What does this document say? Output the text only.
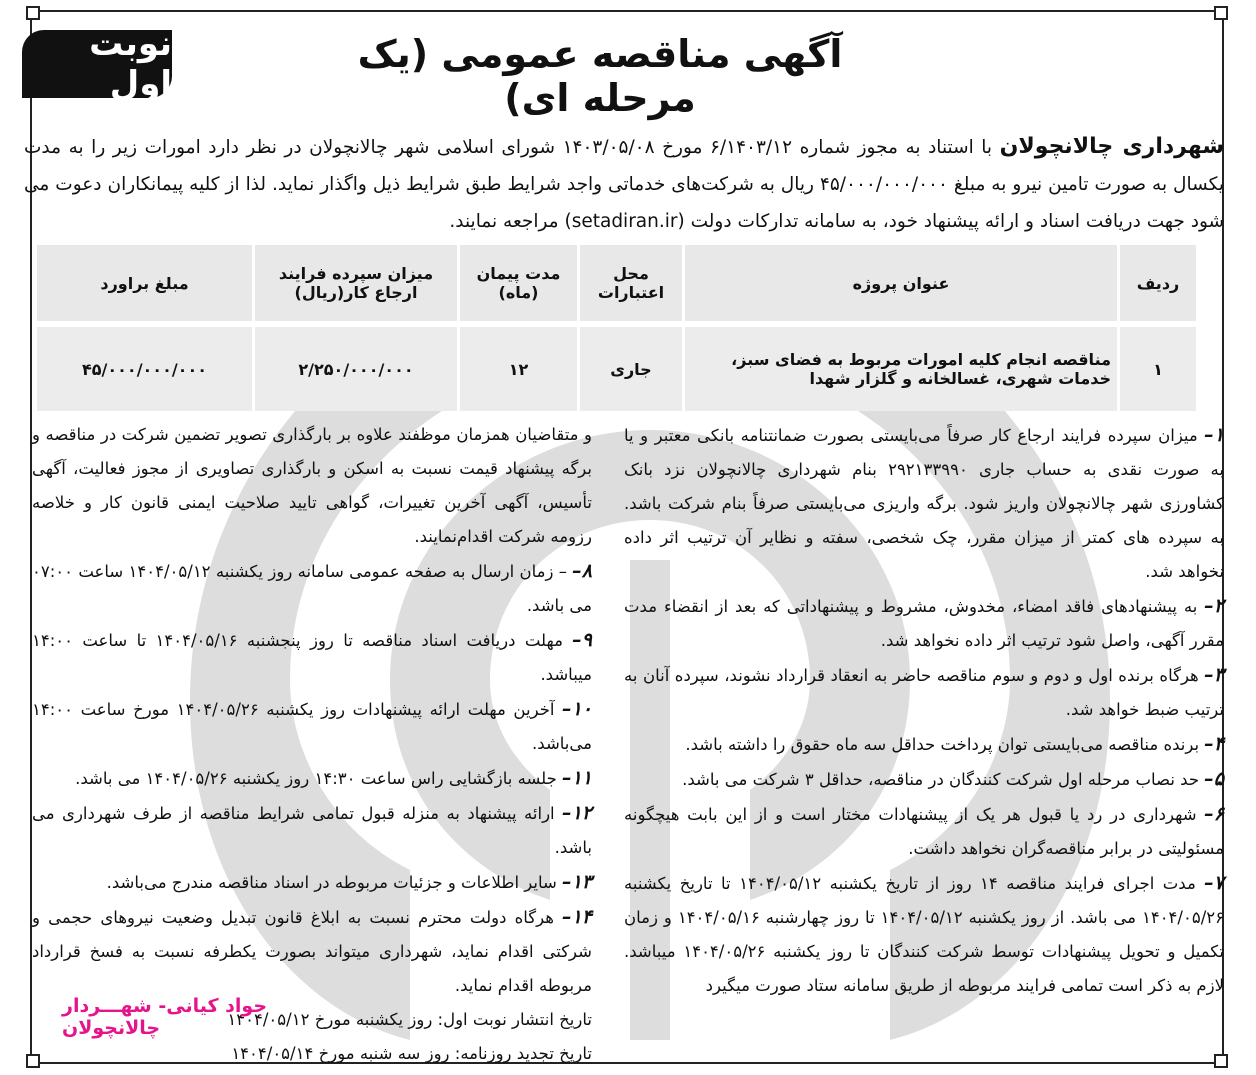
نوبت اول
آگهی مناقصه عمومی (یک مرحله ای)
شهرداری چالانچولان با استناد به مجوز شماره ۶/۱۴۰۳/۱۲ مورخ ۱۴۰۳/۰۵/۰۸ شورای اسلامی شهر چالانچولان در نظر دارد امورات زیر را به مدت یکسال به صورت تامین نیرو به مبلغ ۴۵/۰۰۰/۰۰۰/۰۰۰ ریال به شرکت‌های خدماتی واجد شرایط طبق شرایط ذیل واگذار نماید. لذا از کلیه پیمانکاران دعوت می شود جهت دریافت اسناد و ارائه پیشنهاد خود، به سامانه تدارکات دولت (setadiran.ir) مراجعه نمایند.
ردیف	عنوان پروژه	محل اعتبارات	مدت پیمان (ماه)	میزان سپرده فرایند ارجاع کار(ریال)	مبلغ براورد
۱	مناقصه انجام کلیه امورات مربوط به فضای سبز، خدمات شهری، غسالخانه و گلزار شهدا	جاری	۱۲	۲/۲۵۰/۰۰۰/۰۰۰	۴۵/۰۰۰/۰۰۰/۰۰۰

۱– میزان سپرده فرایند ارجاع کار صرفاً می‌بایستی بصورت ضمانتنامه بانکی معتبر و یا به صورت نقدی به حساب جاری ۲۹۲۱۳۳۹۹۰ بنام شهرداری چالانچولان نزد بانک کشاورزی شهر چالانچولان واریز شود. برگه واریزی می‌بایستی صرفاً بنام شرکت باشد. به سپرده های کمتر از میزان مقرر، چک شخصی، سفته و نظایر آن ترتیب اثر داده نخواهد شد.

۲– به پیشنهادهای فاقد امضاء، مخدوش، مشروط و پیشنهاداتی که بعد از انقضاء مدت مقرر آگهی، واصل شود ترتیب اثر داده نخواهد شد.

۳– هرگاه برنده اول و دوم و سوم مناقصه حاضر به انعقاد قرارداد نشوند، سپرده آنان به ترتیب ضبط خواهد شد.

۴– برنده مناقصه می‌بایستی توان پرداخت حداقل سه ماه حقوق را داشته باشد.

۵– حد نصاب مرحله اول شرکت کنندگان در مناقصه، حداقل ۳ شرکت می باشد.

۶– شهرداری در رد یا قبول هر یک از پیشنهادات مختار است و از این بابت هیچگونه مسئولیتی در برابر مناقصه‌گران نخواهد داشت.

۷– مدت اجرای فرایند مناقصه ۱۴ روز از تاریخ یکشنبه ۱۴۰۴/۰۵/۱۲ تا تاریخ یکشنبه ۱۴۰۴/۰۵/۲۶ می باشد. از روز یکشنبه ۱۴۰۴/۰۵/۱۲ تا روز چهارشنبه ۱۴۰۴/۰۵/۱۶ و زمان تکمیل و تحویل پیشنهادات توسط شرکت کنندگان تا روز یکشنبه ۱۴۰۴/۰۵/۲۶ میباشد. لازم به ذکر است تمامی فرایند مربوطه از طریق سامانه ستاد صورت میگیرد

و متقاضیان همزمان موظفند علاوه بر بارگذاری تصویر تضمین شرکت در مناقصه و برگه پیشنهاد قیمت نسبت به اسکن و بارگذاری تصاویری از مجوز فعالیت، آگهی تأسیس، آگهی آخرین تغییرات، گواهی تایید صلاحیت ایمنی قانون کار و خلاصه رزومه شرکت اقدام‌نمایند.

۸– – زمان ارسال به صفحه عمومی سامانه روز یکشنبه ۱۴۰۴/۰۵/۱۲ ساعت ۰۷:۰۰ می باشد.

۹– مهلت دریافت اسناد مناقصه تا روز پنجشنبه ۱۴۰۴/۰۵/۱۶ تا ساعت ۱۴:۰۰ میباشد.

۱۰– آخرین مهلت ارائه پیشنهادات روز یکشنبه ۱۴۰۴/۰۵/۲۶ مورخ ساعت ۱۴:۰۰ می‌باشد.

۱۱– جلسه بازگشایی راس ساعت ۱۴:۳۰ روز یکشنبه ۱۴۰۴/۰۵/۲۶ می باشد.

۱۲– ارائه پیشنهاد به منزله قبول تمامی شرایط مناقصه از طرف شهرداری می باشد.

۱۳– سایر اطلاعات و جزئیات مربوطه در اسناد مناقصه مندرج می‌باشد.

۱۴– هرگاه دولت محترم نسبت به ابلاغ قانون تبدیل وضعیت نیروهای حجمی و شرکتی اقدام نماید، شهرداری میتواند بصورت یکطرفه نسبت به فسخ قرارداد مربوطه اقدام نماید.

تاریخ انتشار نوبت اول: روز یکشنبه مورخ ۱۴۰۴/۰۵/۱۲

تاریخ تجدید روزنامه: روز سه شنبه مورخ ۱۴۰۴/۰۵/۱۴

جواد کیانی- شهـــردار چالانچولان
